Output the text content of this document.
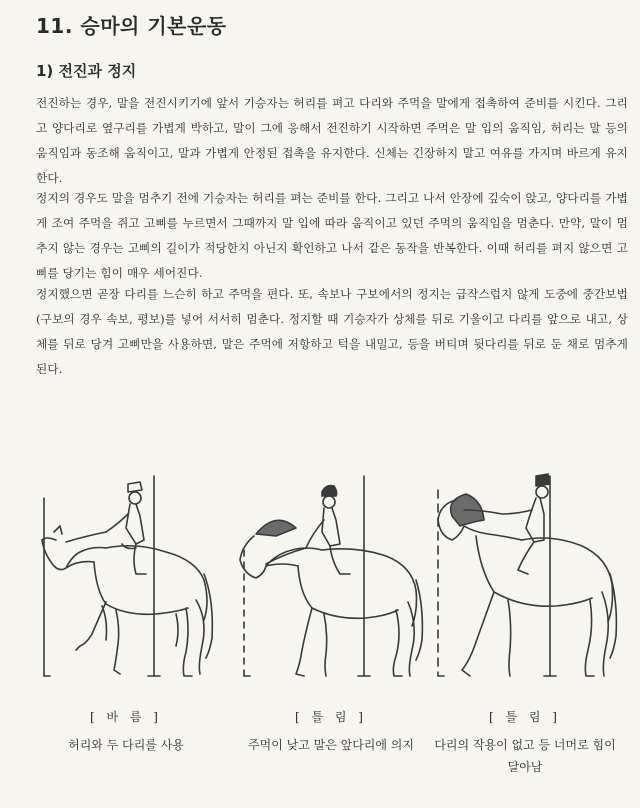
11. 승마의 기본운동
1) 전진과 정지
전진하는 경우, 말을 전진시키기에 앞서 기승자는 허리를 펴고 다리와 주먹을 말에게 접촉하여 준비를 시킨다. 그리고 양다리로 옆구리를 가볍게 박하고, 말이 그에 응해서 전진하기 시작하면 주먹은 말 입의 움직임, 허리는 말 등의 움직임과 동조해 움직이고, 말과 가볍게 안정된 접촉을 유지한다. 신체는 긴장하지 말고 여유를 가지며 바르게 유지한다.
정지의 경우도 말을 멈추기 전에 기승자는 허리를 펴는 준비를 한다. 그리고 나서 안장에 깊숙이 앉고, 양다리를 가볍게 조여 주먹을 쥐고 고삐를 누르면서 그때까지 말 입에 따라 움직이고 있던 주먹의 움직임을 멈춘다. 만약, 말이 멈추지 않는 경우는 고삐의 길이가 적당한지 아닌지 확인하고 나서 같은 동작을 반복한다. 이때 허리를 펴지 않으면 고삐를 당기는 힘이 매우 세어진다.
정지했으면 곧장 다리를 느슨히 하고 주먹을 편다. 또, 속보나 구보에서의 정지는 급작스럽지 않게 도중에 중간보법(구보의 경우 속보, 평보)를 넣어 서서히 멈춘다. 정지할 때 기승자가 상체를 뒤로 기울이고 다리를 앞으로 내고, 상체를 뒤로 당겨 고삐만을 사용하면, 말은 주먹에 저항하고 턱을 내밀고, 등을 버티며 뒷다리를 뒤로 둔 채로 멈추게 된다.
[ 바 름 ]	[ 틀 림 ]	[ 틀 림 ]
허리와 두 다리를 사용	주먹이 낮고 말은 앞다리에 의지	다리의 작용이 없고 등 너머로 힘이 달아남
